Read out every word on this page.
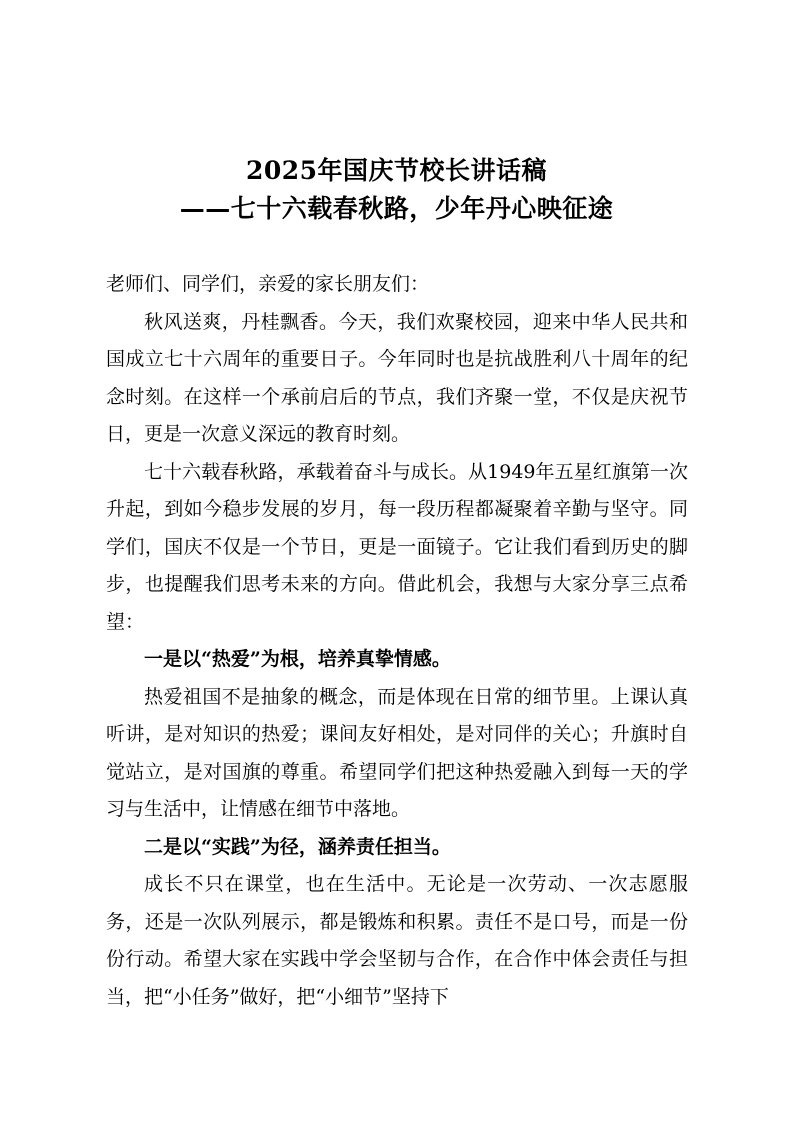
2025年国庆节校长讲话稿
——七十六载春秋路，少年丹心映征途

老师们、同学们，亲爱的家长朋友们：

秋风送爽，丹桂飘香。今天，我们欢聚校园，迎来中华人民共和国成立七十六周年的重要日子。今年同时也是抗战胜利八十周年的纪念时刻。在这样一个承前启后的节点，我们齐聚一堂，不仅是庆祝节日，更是一次意义深远的教育时刻。

七十六载春秋路，承载着奋斗与成长。从1949年五星红旗第一次升起，到如今稳步发展的岁月，每一段历程都凝聚着辛勤与坚守。同学们，国庆不仅是一个节日，更是一面镜子。它让我们看到历史的脚步，也提醒我们思考未来的方向。借此机会，我想与大家分享三点希望：

一是以“热爱”为根，培养真挚情感。

热爱祖国不是抽象的概念，而是体现在日常的细节里。上课认真听讲，是对知识的热爱；课间友好相处，是对同伴的关心；升旗时自觉站立，是对国旗的尊重。希望同学们把这种热爱融入到每一天的学习与生活中，让情感在细节中落地。

二是以“实践”为径，涵养责任担当。

成长不只在课堂，也在生活中。无论是一次劳动、一次志愿服务，还是一次队列展示，都是锻炼和积累。责任不是口号，而是一份份行动。希望大家在实践中学会坚韧与合作，在合作中体会责任与担当，把“小任务”做好，把“小细节”坚持下
